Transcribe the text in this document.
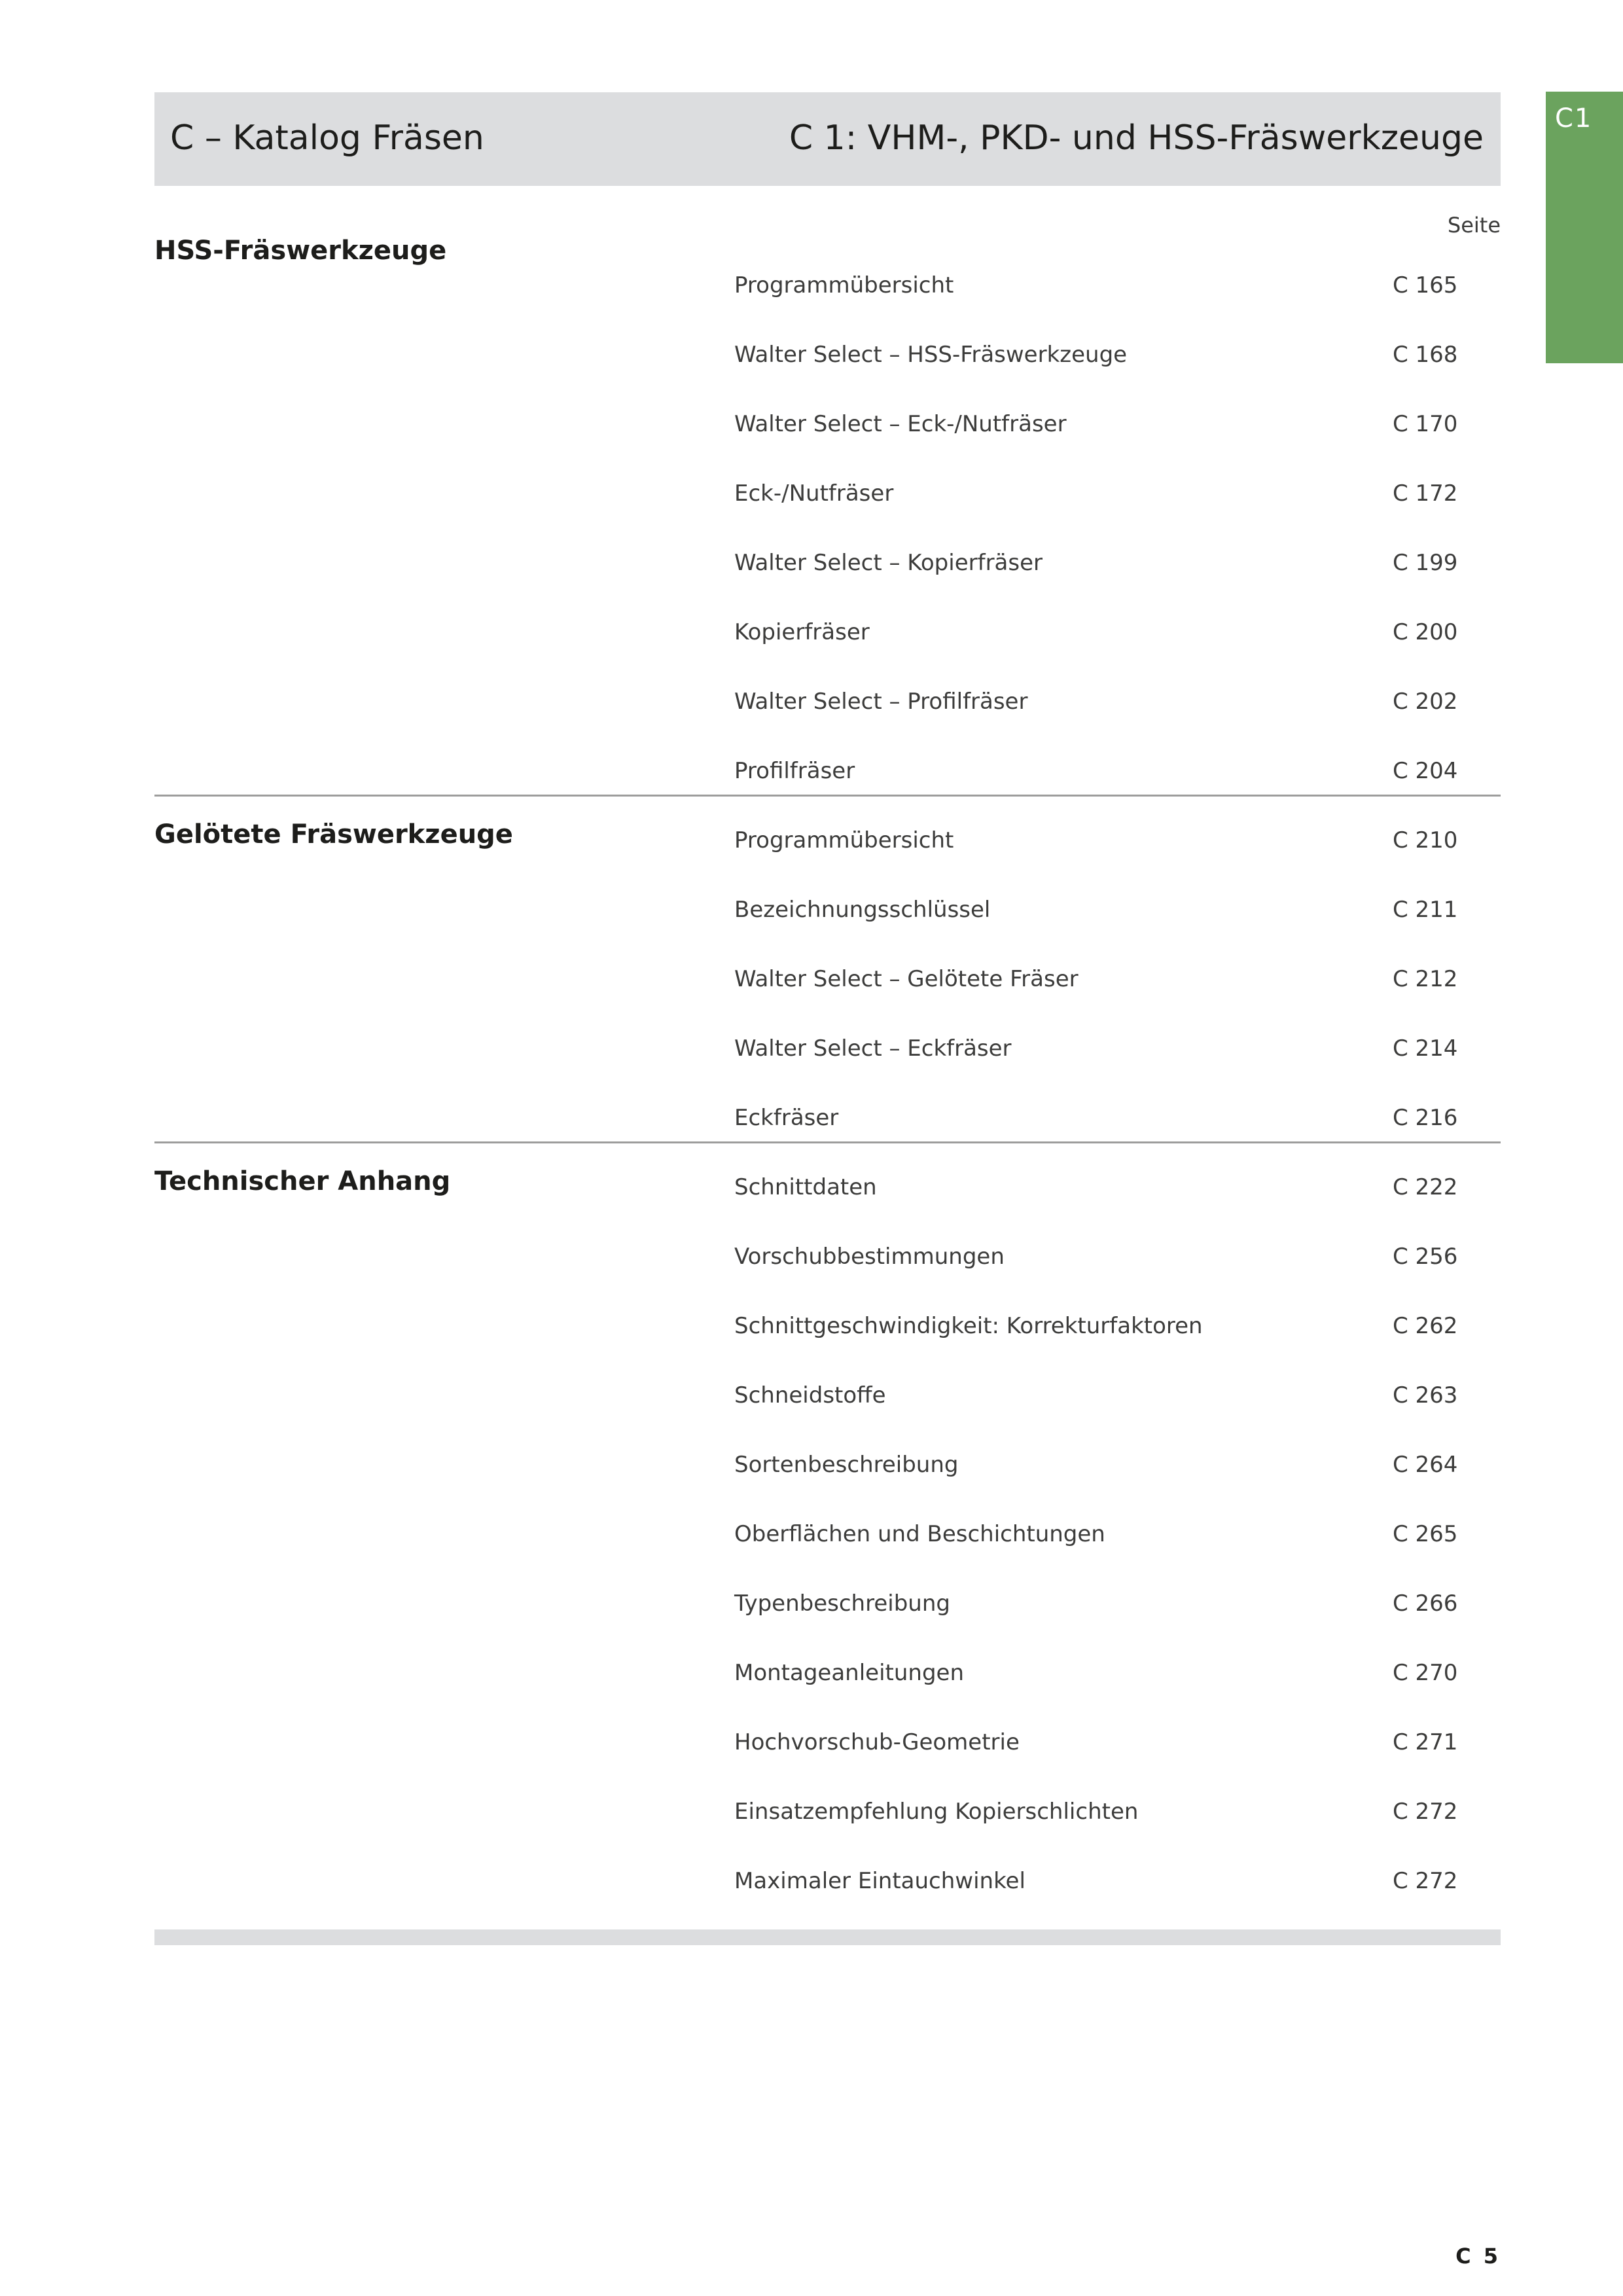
C1
C – Katalog Fräsen	C 1: VHM-, PKD- und HSS-Fräswerkzeuge
Seite
HSS-Fräswerkzeuge
Programmübersicht	C 165
Walter Select – HSS-Fräswerkzeuge	C 168
Walter Select – Eck-/Nutfräser	C 170
Eck-/Nutfräser	C 172
Walter Select – Kopierfräser	C 199
Kopierfräser	C 200
Walter Select – Profilfräser	C 202
Profilfräser	C 204
Gelötete Fräswerkzeuge	Programmübersicht	C 210
Bezeichnungsschlüssel	C 211
Walter Select – Gelötete Fräser	C 212
Walter Select – Eckfräser	C 214
Eckfräser	C 216
Technischer Anhang	Schnittdaten	C 222
Vorschubbestimmungen	C 256
Schnittgeschwindigkeit: Korrekturfaktoren	C 262
Schneidstoffe	C 263
Sortenbeschreibung	C 264
Oberflächen und Beschichtungen	C 265
Typenbeschreibung	C 266
Montageanleitungen	C 270
Hochvorschub-Geometrie	C 271
Einsatzempfehlung Kopierschlichten	C 272
Maximaler Eintauchwinkel	C 272
C 5
